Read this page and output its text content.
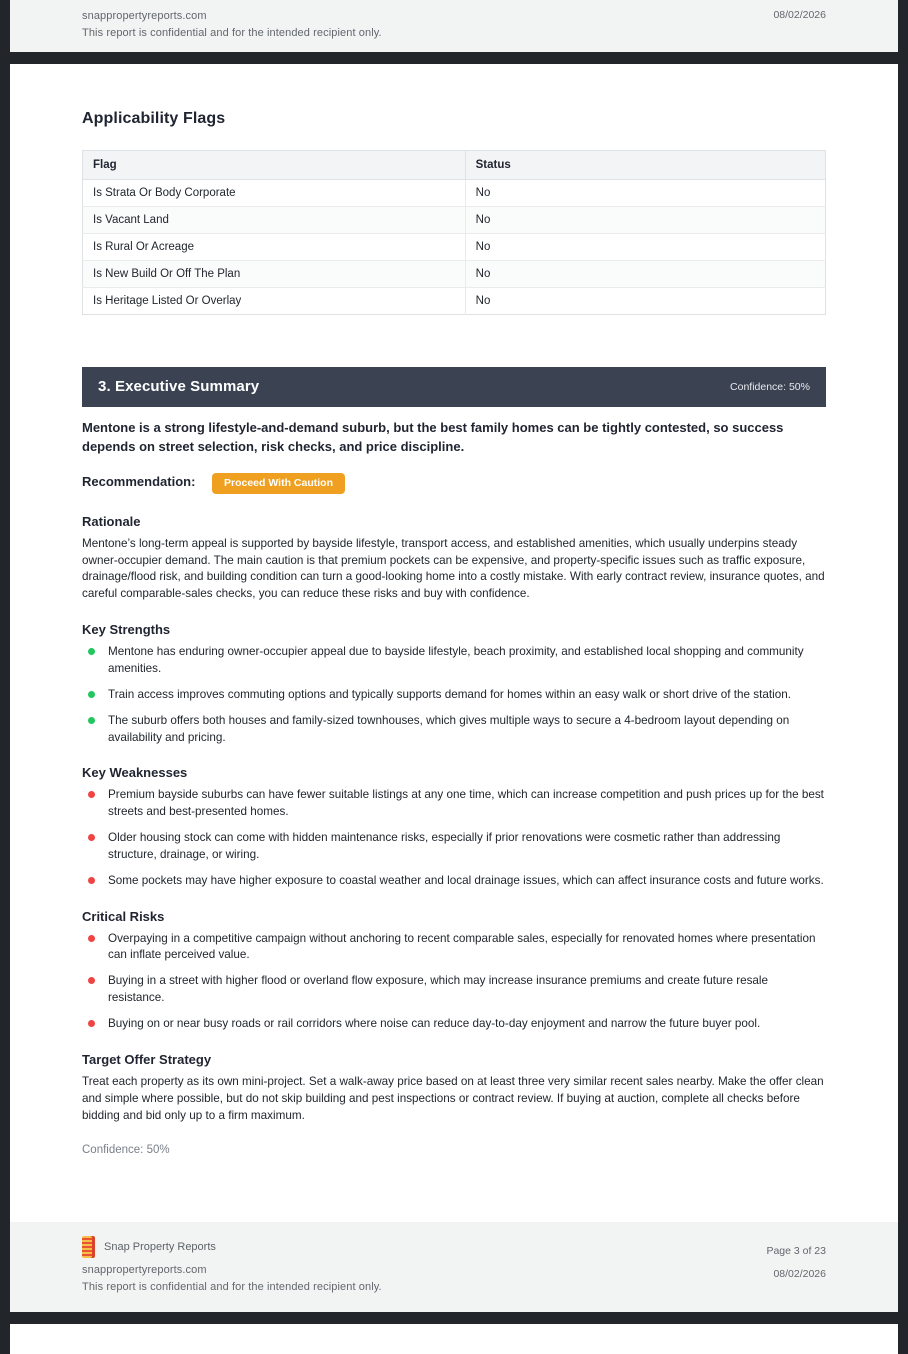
snappropertyreports.com
This report is confidential and for the intended recipient only.
08/02/2026
Applicability Flags
Flag	Status
Is Strata Or Body Corporate	No
Is Vacant Land	No
Is Rural Or Acreage	No
Is New Build Or Off The Plan	No
Is Heritage Listed Or Overlay	No
3. Executive Summary	Confidence: 50%

Mentone is a strong lifestyle-and-demand suburb, but the best family homes can be tightly contested, so success depends on street selection, risk checks, and price discipline.

Recommendation:	Proceed With Caution
Rationale

Mentone’s long-term appeal is supported by bayside lifestyle, transport access, and established amenities, which usually underpins steady owner-occupier demand. The main caution is that premium pockets can be expensive, and property-specific issues such as traffic exposure, drainage/flood risk, and building condition can turn a good-looking home into a costly mistake. With early contract review, insurance quotes, and careful comparable-sales checks, you can reduce these risks and buy with confidence.

Key Strengths
Mentone has enduring owner-occupier appeal due to bayside lifestyle, beach proximity, and established local shopping and community amenities.
Train access improves commuting options and typically supports demand for homes within an easy walk or short drive of the station.
The suburb offers both houses and family-sized townhouses, which gives multiple ways to secure a 4-bedroom layout depending on availability and pricing.
Key Weaknesses
Premium bayside suburbs can have fewer suitable listings at any one time, which can increase competition and push prices up for the best streets and best-presented homes.
Older housing stock can come with hidden maintenance risks, especially if prior renovations were cosmetic rather than addressing structure, drainage, or wiring.
Some pockets may have higher exposure to coastal weather and local drainage issues, which can affect insurance costs and future works.
Critical Risks
Overpaying in a competitive campaign without anchoring to recent comparable sales, especially for renovated homes where presentation can inflate perceived value.
Buying in a street with higher flood or overland flow exposure, which may increase insurance premiums and create future resale resistance.
Buying on or near busy roads or rail corridors where noise can reduce day-to-day enjoyment and narrow the future buyer pool.
Target Offer Strategy

Treat each property as its own mini-project. Set a walk-away price based on at least three very similar recent sales nearby. Make the offer clean and simple where possible, but do not skip building and pest inspections or contract review. If buying at auction, complete all checks before bidding and bid only up to a firm maximum.

Confidence: 50%
Snap Property Reports
snappropertyreports.com
This report is confidential and for the intended recipient only.
Page 3 of 23
08/02/2026
